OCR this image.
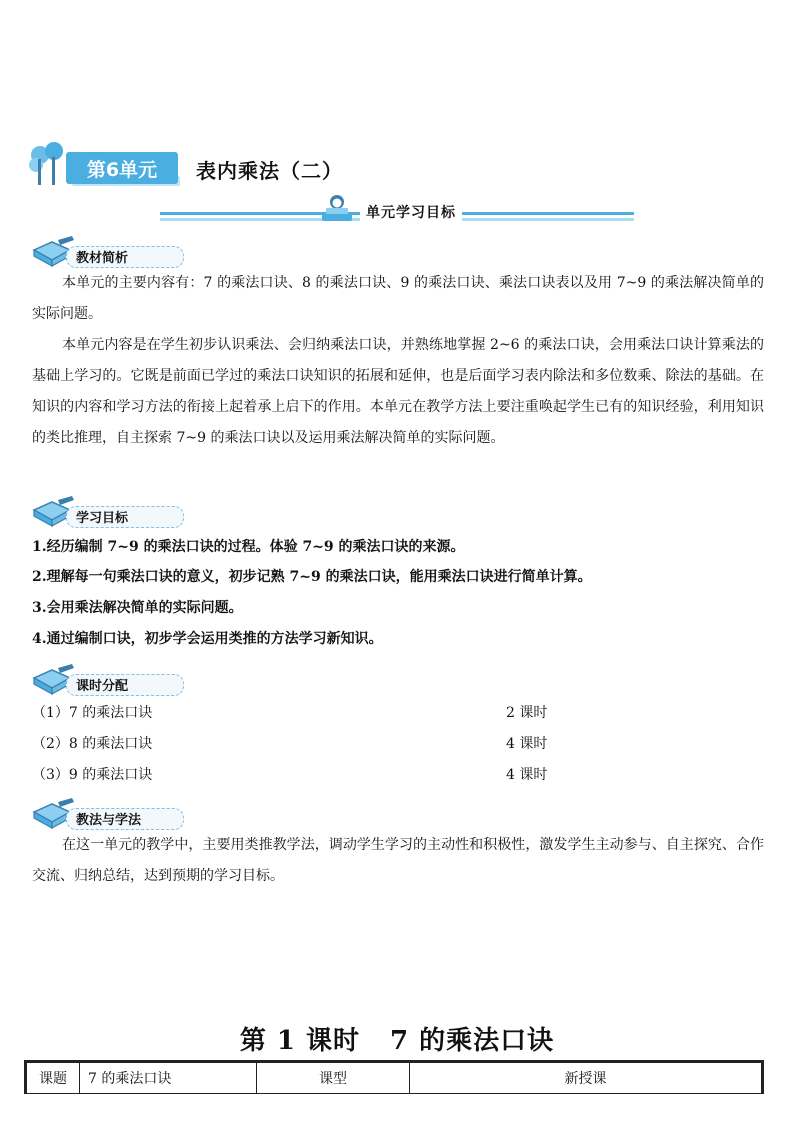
第6单元	表内乘法（二）
单元学习目标
教材简析
本单元的主要内容有：7 的乘法口诀、8 的乘法口诀、9 的乘法口诀、乘法口诀表以及用 7~9 的乘法解决简单的实际问题。
本单元内容是在学生初步认识乘法、会归纳乘法口诀，并熟练地掌握 2~6 的乘法口诀，会用乘法口诀计算乘法的基础上学习的。它既是前面已学过的乘法口诀知识的拓展和延伸，也是后面学习表内除法和多位数乘、除法的基础。在知识的内容和学习方法的衔接上起着承上启下的作用。本单元在教学方法上要注重唤起学生已有的知识经验，利用知识的类比推理，自主探索 7~9 的乘法口诀以及运用乘法解决简单的实际问题。
学习目标
1.经历编制 7~9 的乘法口诀的过程。体验 7~9 的乘法口诀的来源。
2.理解每一句乘法口诀的意义，初步记熟 7~9 的乘法口诀，能用乘法口诀进行简单计算。
3.会用乘法解决简单的实际问题。
4.通过编制口诀，初步学会运用类推的方法学习新知识。
课时分配
（1）7 的乘法口诀	2 课时
（2）8 的乘法口诀	4 课时
（3）9 的乘法口诀	4 课时
教法与学法
在这一单元的教学中，主要用类推教学法，调动学生学习的主动性和积极性，激发学生主动参与、自主探究、合作交流、归纳总结，达到预期的学习目标。
第 1 课时 7 的乘法口诀
课题	7 的乘法口诀	课型	新授课
